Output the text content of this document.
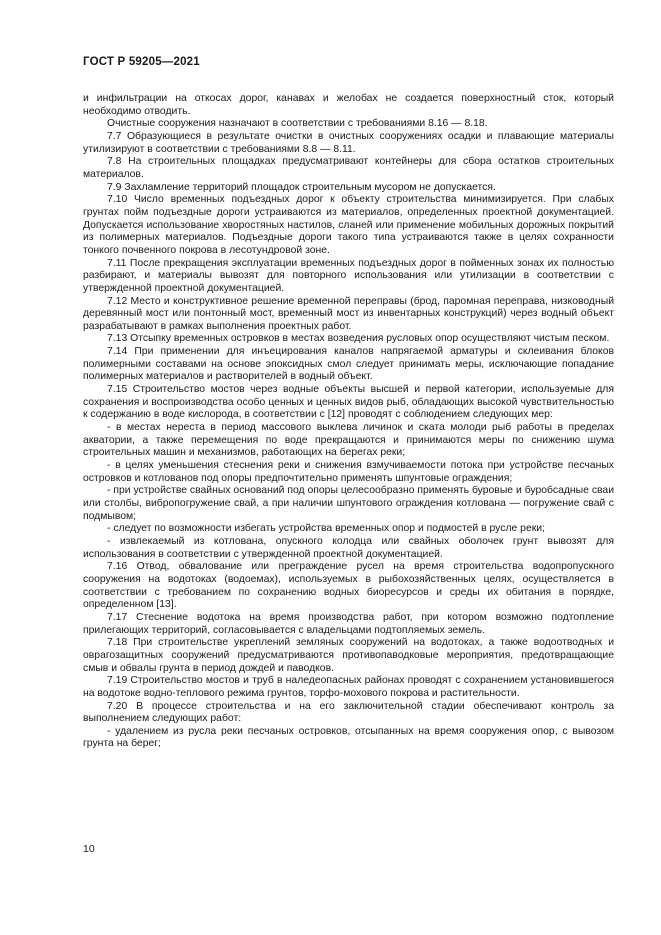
ГОСТ Р 59205—2021

и инфильтрации на откосах дорог, канавах и желобах не создается поверхностный сток, который необходимо отводить.

Очистные сооружения назначают в соответствии с требованиями 8.16 — 8.18.

7.7 Образующиеся в результате очистки в очистных сооружениях осадки и плавающие материалы утилизируют в соответствии с требованиями 8.8 — 8.11.

7.8 На строительных площадках предусматривают контейнеры для сбора остатков строительных материалов.

7.9 Захламление территорий площадок строительным мусором не допускается.

7.10 Число временных подъездных дорог к объекту строительства минимизируется. При слабых грунтах пойм подъездные дороги устраиваются из материалов, определенных проектной документацией. Допускается использование хворостяных настилов, сланей или применение мобильных дорожных покрытий из полимерных материалов. Подъездные дороги такого типа устраиваются также в целях сохранности тонкого почвенного покрова в лесотундровой зоне.

7.11 После прекращения эксплуатации временных подъездных дорог в пойменных зонах их полностью разбирают, и материалы вывозят для повторного использования или утилизации в соответствии с утвержденной проектной документацией.

7.12 Место и конструктивное решение временной переправы (брод, паромная переправа, низководный деревянный мост или понтонный мост, временный мост из инвентарных конструкций) через водный объект разрабатывают в рамках выполнения проектных работ.

7.13 Отсыпку временных островков в местах возведения русловых опор осуществляют чистым песком.

7.14 При применении для инъецирования каналов напрягаемой арматуры и склеивания блоков полимерными составами на основе эпоксидных смол следует принимать меры, исключающие попадание полимерных материалов и растворителей в водный объект.

7.15 Строительство мостов через водные объекты высшей и первой категории, используемые для сохранения и воспроизводства особо ценных и ценных видов рыб, обладающих высокой чувствительностью к содержанию в воде кислорода, в соответствии с [12] проводят с соблюдением следующих мер:

- в местах нереста в период массового выклева личинок и ската молоди рыб работы в пределах акватории, а также перемещения по воде прекращаются и принимаются меры по снижению шума строительных машин и механизмов, работающих на берегах реки;

- в целях уменьшения стеснения реки и снижения взмучиваемости потока при устройстве песчаных островков и котлованов под опоры предпочтительно применять шпунтовые ограждения;

- при устройстве свайных оснований под опоры целесообразно применять буровые и буробсадные сваи или столбы, вибропогружение свай, а при наличии шпунтового ограждения котлована — погружение свай с подмывом;

- следует по возможности избегать устройства временных опор и подмостей в русле реки;

- извлекаемый из котлована, опускного колодца или свайных оболочек грунт вывозят для использования в соответствии с утвержденной проектной документацией.

7.16 Отвод, обвалование или преграждение русел на время строительства водопропускного сооружения на водотоках (водоемах), используемых в рыбохозяйственных целях, осуществляется в соответствии с требованием по сохранению водных биоресурсов и среды их обитания в порядке, определенном [13].

7.17 Стеснение водотока на время производства работ, при котором возможно подтопление прилегающих территорий, согласовывается с владельцами подтопляемых земель.

7.18 При строительстве укреплений земляных сооружений на водотоках, а также водоотводных и оврагозащитных сооружений предусматриваются противопаводковые мероприятия, предотвращающие смыв и обвалы грунта в период дождей и паводков.

7.19 Строительство мостов и труб в наледеопасных районах проводят с сохранением установившегося на водотоке водно-теплового режима грунтов, торфо-мохового покрова и растительности.

7.20 В процессе строительства и на его заключительной стадии обеспечивают контроль за выполнением следующих работ:

- удалением из русла реки песчаных островков, отсыпанных на время сооружения опор, с вывозом грунта на берег;

10
